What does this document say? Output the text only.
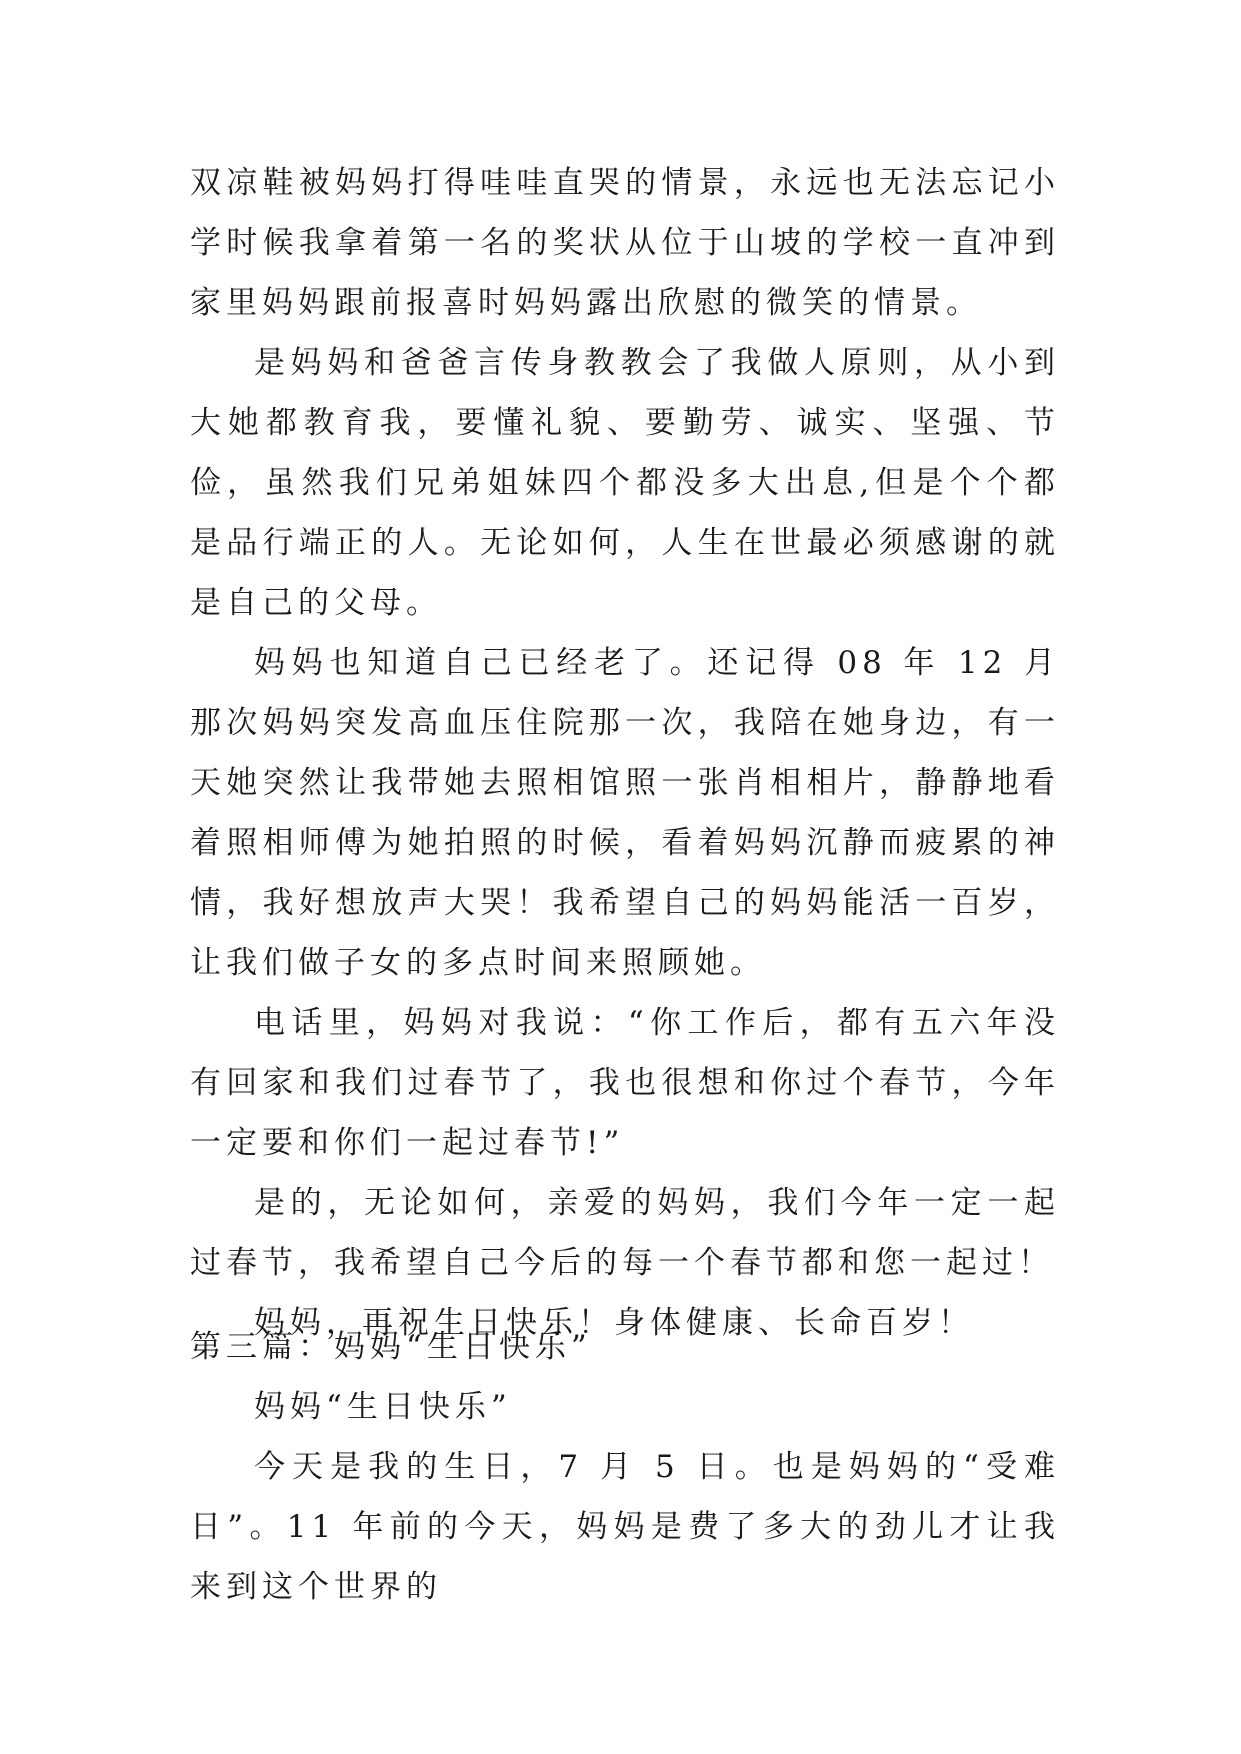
双凉鞋被妈妈打得哇哇直哭的情景，永远也无法忘记小学时候我拿着第一名的奖状从位于山坡的学校一直冲到家里妈妈跟前报喜时妈妈露出欣慰的微笑的情景。

是妈妈和爸爸言传身教教会了我做人原则，从小到大她都教育我，要懂礼貌、要勤劳、诚实、坚强、节俭，虽然我们兄弟姐妹四个都没多大出息,但是个个都是品行端正的人。无论如何，人生在世最必须感谢的就是自己的父母。

妈妈也知道自己已经老了。还记得 08 年 12 月那次妈妈突发高血压住院那一次，我陪在她身边，有一天她突然让我带她去照相馆照一张肖相相片，静静地看着照相师傅为她拍照的时候，看着妈妈沉静而疲累的神情，我好想放声大哭！我希望自己的妈妈能活一百岁，让我们做子女的多点时间来照顾她。

电话里，妈妈对我说：“你工作后，都有五六年没有回家和我们过春节了，我也很想和你过个春节，今年一定要和你们一起过春节!”

是的，无论如何，亲爱的妈妈，我们今年一定一起过春节，我希望自己今后的每一个春节都和您一起过！

妈妈，再祝生日快乐！身体健康、长命百岁！

第三篇：妈妈“生日快乐”

妈妈“生日快乐”

今天是我的生日，7 月 5 日。也是妈妈的“受难日”。11 年前的今天，妈妈是费了多大的劲儿才让我来到这个世界的
